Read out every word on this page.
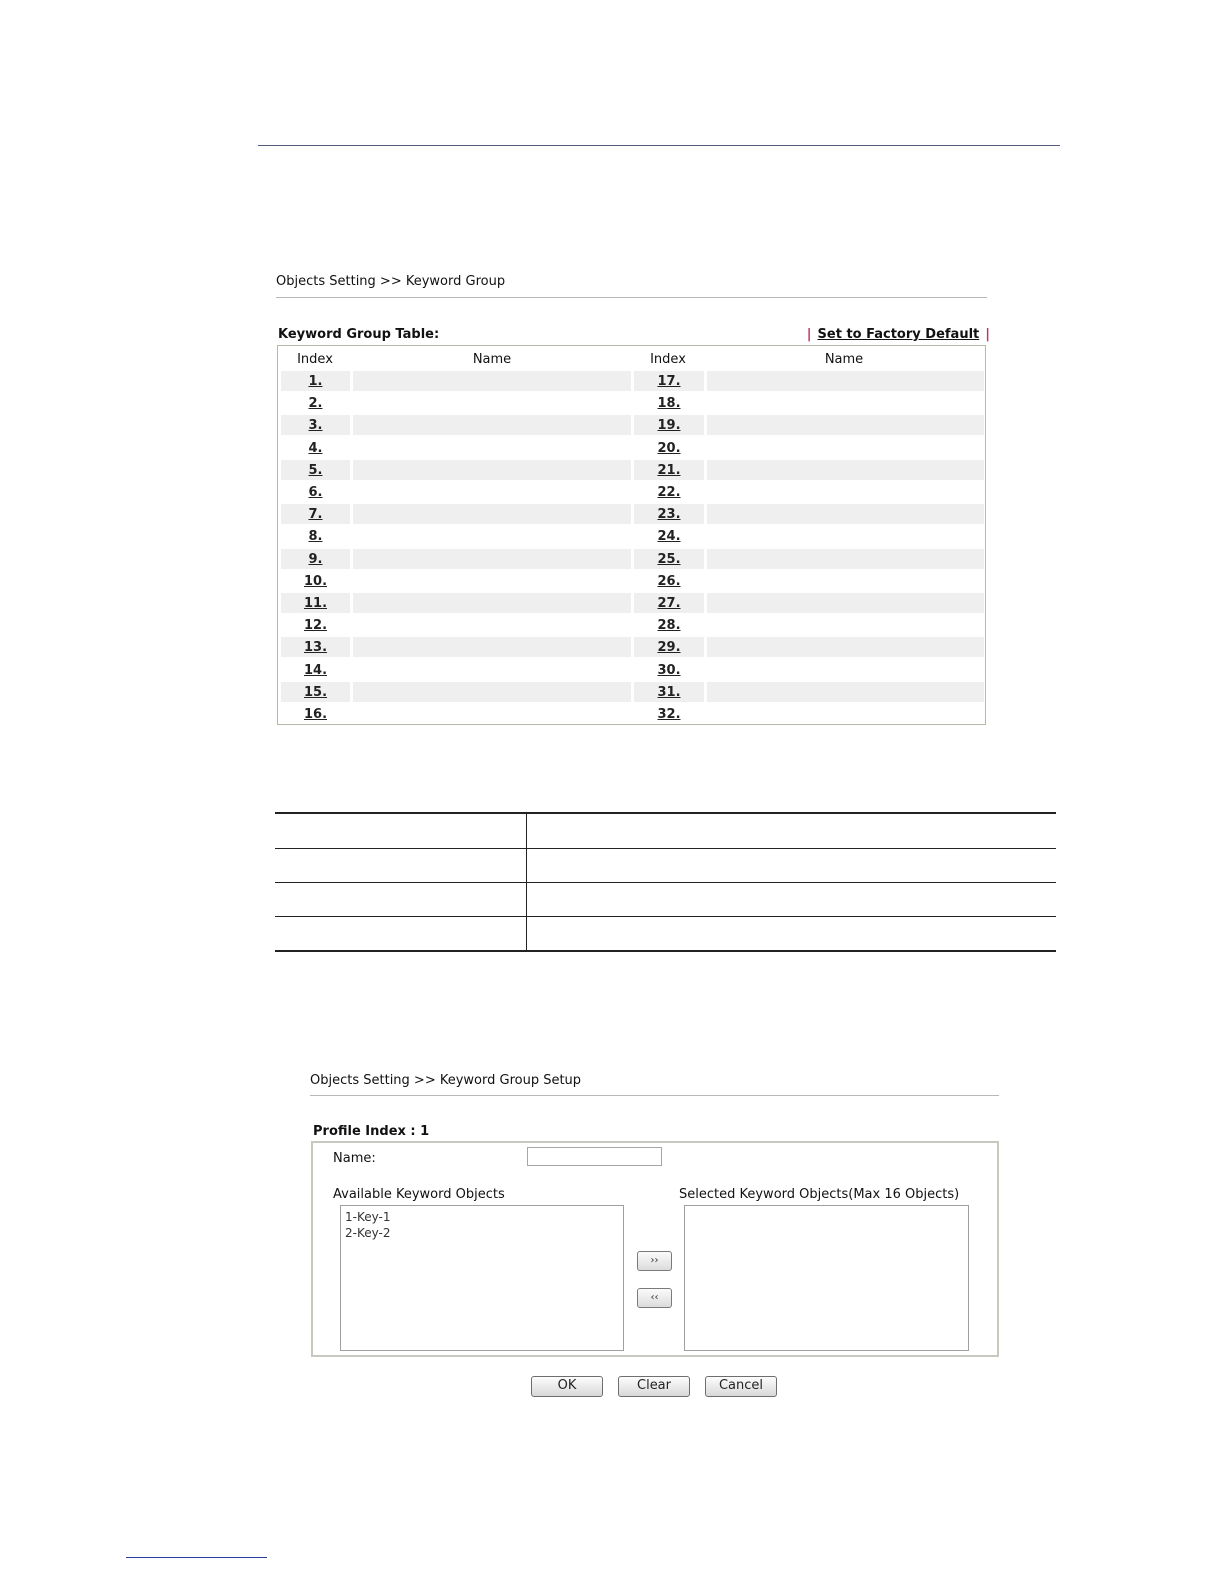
Objects Setting >> Keyword Group
Keyword Group Table:	| Set to Factory Default |
Index	Name	Index	Name
1.	17.
2.	18.
3.	19.
4.	20.
5.	21.
6.	22.
7.	23.
8.	24.
9.	25.
10.	26.
11.	27.
12.	28.
13.	29.
14.	30.
15.	31.
16.	32.
Objects Setting >> Keyword Group Setup
Profile Index : 1
Name:
Available Keyword Objects	Selected Keyword Objects(Max 16 Objects)
1-Key-1
2-Key-2
››
‹‹
OK	Clear	Cancel
